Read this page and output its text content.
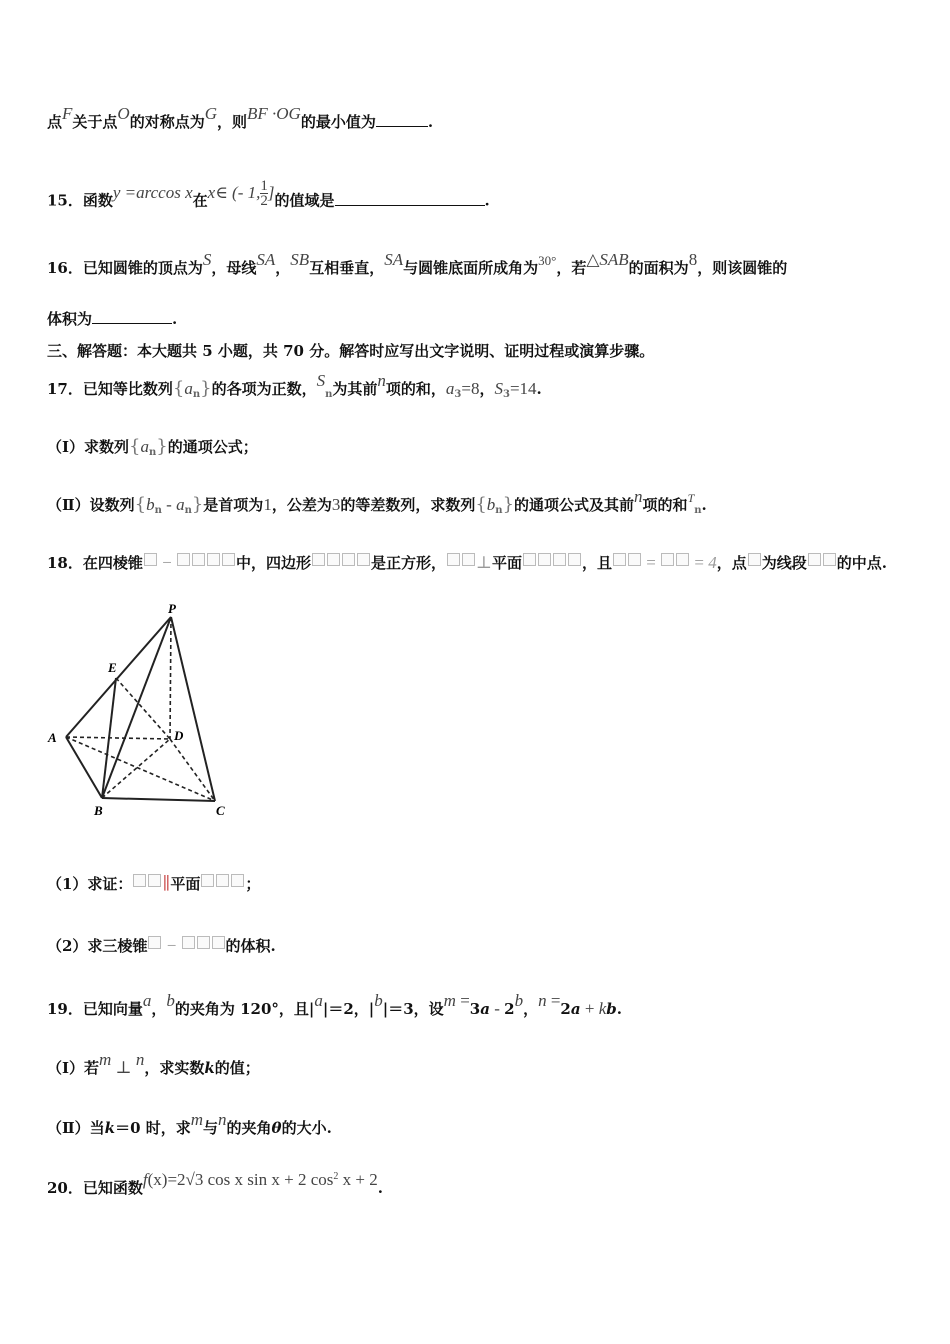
点F关于点O的对称点为G，则BF ·OG的最小值为	.
15．函数y =arccos x在x∈ (- 1, $\frac{1}{2}$ ]的值域是	.
16．已知圆锥的顶点为S，母线SA，SB互相垂直，SA与圆锥底面所成角为30°，若△SAB的面积为8，则该圆锥的
体积为	.
三、解答题：本大题共 5 小题，共 70 分。解答时应写出文字说明、证明过程或演算步骤。
17．已知等比数列$\{a_n\}$的各项为正数，$S_n$为其前n项的和，$a_3=8$，$S_3=14$.
（Ⅰ）求数列$\{a_n\}$的通项公式；
（Ⅱ）设数列$\{b_n - a_n\}$是首项为1，公差为3的等差数列，求数列$\{b_n\}$的通项公式及其前n项的和$^T_n$.
18．在四棱锥 −	中，四边形	是正方形， ⊥平面	，且 =  = 4，点 为线段 的中点.
P
E
A	D
B	C
（1）求证： ∥平面	；
（2）求三棱锥 −	的体积.
19．已知向量a，b的夹角为 120°，且|a|＝2，|b|＝3，设m =3a - 2b，n =2a + kb.
（Ⅰ）若m ⊥ n，求实数k的值；
（Ⅱ）当k＝0 时，求m与n的夹角θ的大小.
20．已知函数f(x)=2√3 cos x sin x + 2 $\cos^2 x + 2$.
